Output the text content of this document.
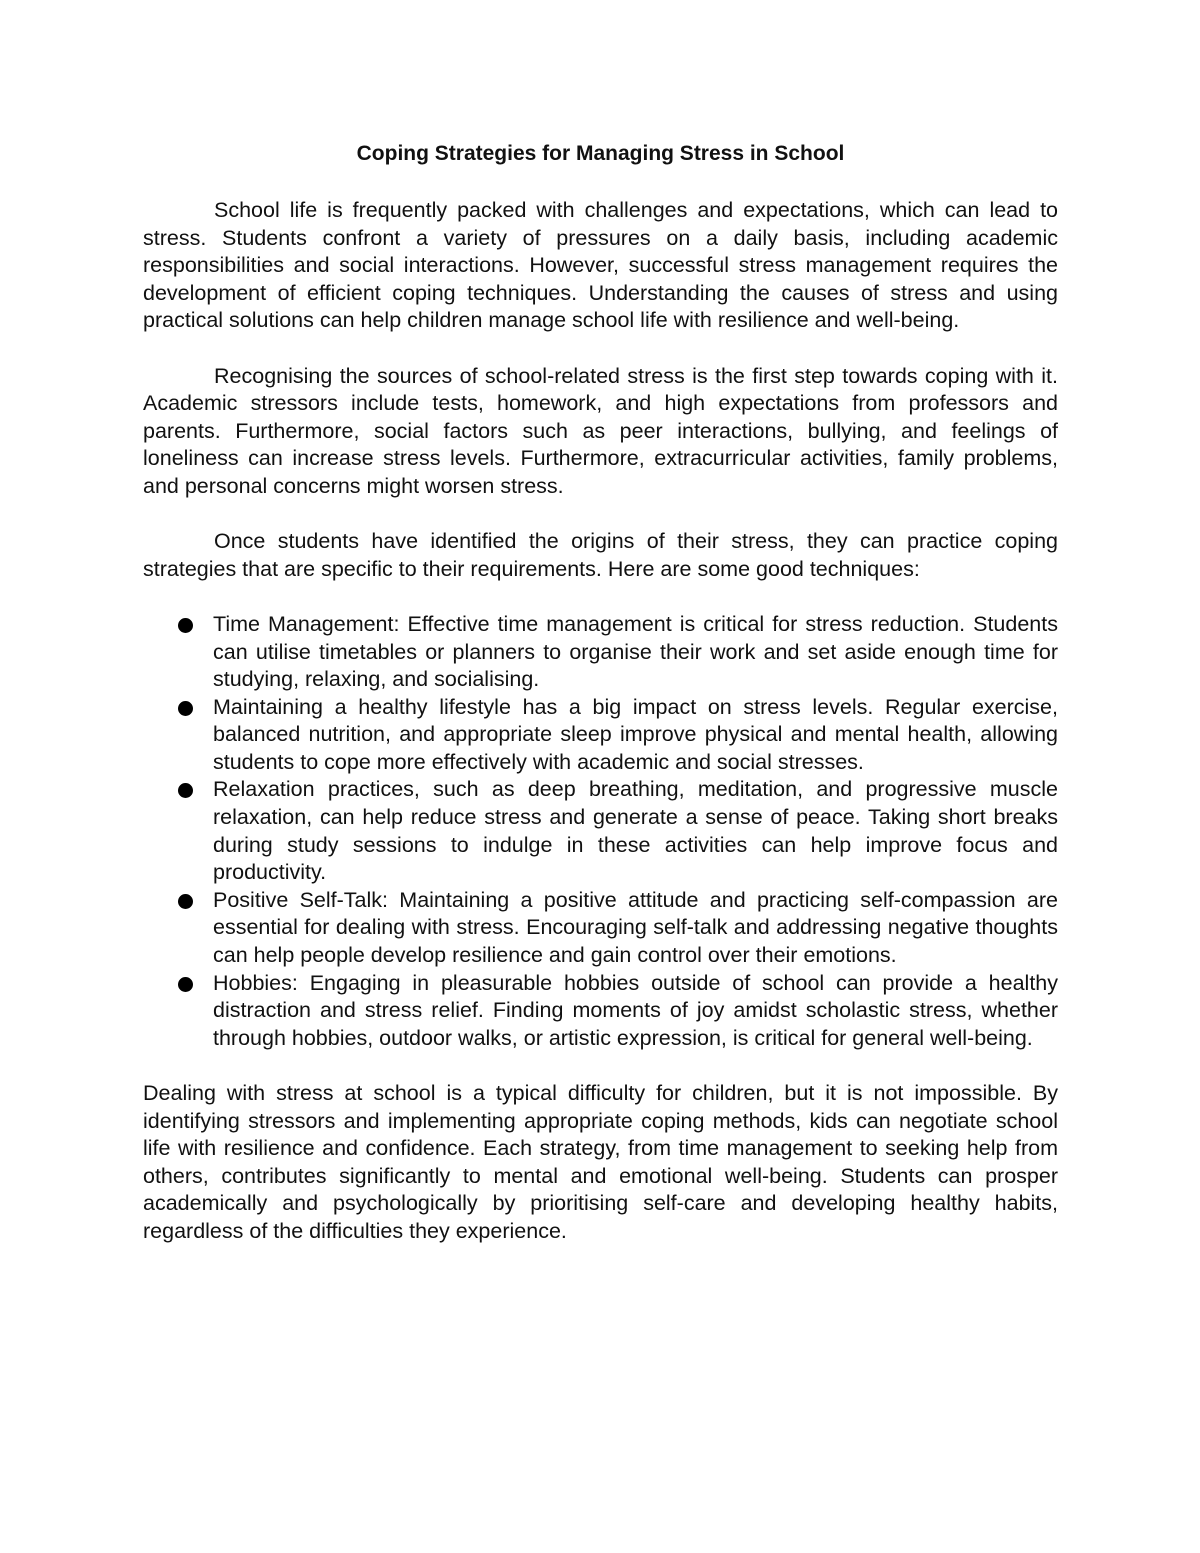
Coping Strategies for Managing Stress in School

School life is frequently packed with challenges and expectations, which can lead to stress. Students confront a variety of pressures on a daily basis, including academic responsibilities and social interactions. However, successful stress management requires the development of efficient coping techniques. Understanding the causes of stress and using practical solutions can help children manage school life with resilience and well-being.

Recognising the sources of school-related stress is the first step towards coping with it. Academic stressors include tests, homework, and high expectations from professors and parents. Furthermore, social factors such as peer interactions, bullying, and feelings of loneliness can increase stress levels. Furthermore, extracurricular activities, family problems, and personal concerns might worsen stress.

Once students have identified the origins of their stress, they can practice coping strategies that are specific to their requirements. Here are some good techniques:

Time Management: Effective time management is critical for stress reduction. Students can utilise timetables or planners to organise their work and set aside enough time for studying, relaxing, and socialising.
Maintaining a healthy lifestyle has a big impact on stress levels. Regular exercise, balanced nutrition, and appropriate sleep improve physical and mental health, allowing students to cope more effectively with academic and social stresses.
Relaxation practices, such as deep breathing, meditation, and progressive muscle relaxation, can help reduce stress and generate a sense of peace. Taking short breaks during study sessions to indulge in these activities can help improve focus and productivity.
Positive Self-Talk: Maintaining a positive attitude and practicing self-compassion are essential for dealing with stress. Encouraging self-talk and addressing negative thoughts can help people develop resilience and gain control over their emotions.
Hobbies: Engaging in pleasurable hobbies outside of school can provide a healthy distraction and stress relief. Finding moments of joy amidst scholastic stress, whether through hobbies, outdoor walks, or artistic expression, is critical for general well-being.

Dealing with stress at school is a typical difficulty for children, but it is not impossible. By identifying stressors and implementing appropriate coping methods, kids can negotiate school life with resilience and confidence. Each strategy, from time management to seeking help from others, contributes significantly to mental and emotional well-being. Students can prosper academically and psychologically by prioritising self-care and developing healthy habits, regardless of the difficulties they experience.
